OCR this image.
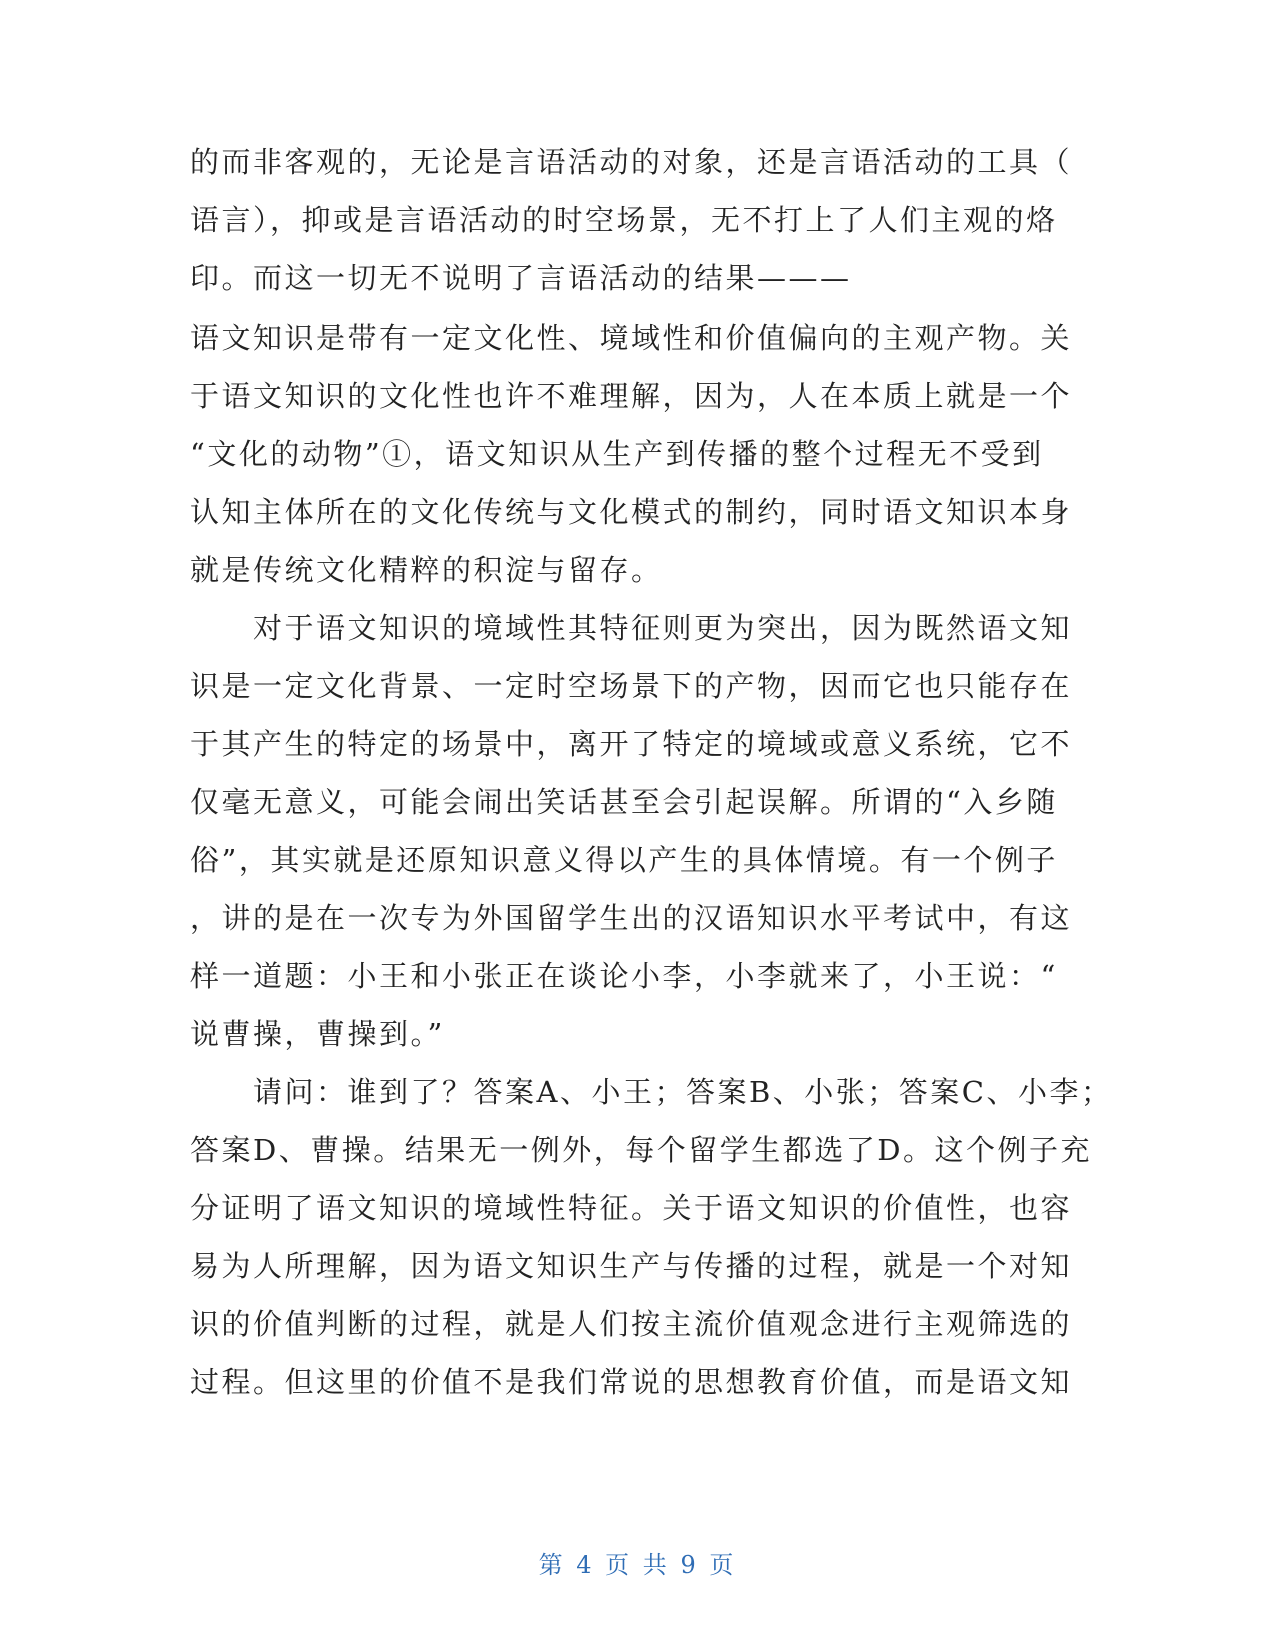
的而非客观的，无论是言语活动的对象，还是言语活动的工具（
语言），抑或是言语活动的时空场景，无不打上了人们主观的烙
印。而这一切无不说明了言语活动的结果———
语文知识是带有一定文化性、境域性和价值偏向的主观产物。关
于语文知识的文化性也许不难理解，因为，人在本质上就是一个
“文化的动物”①，语文知识从生产到传播的整个过程无不受到
认知主体所在的文化传统与文化模式的制约，同时语文知识本身
就是传统文化精粹的积淀与留存。
　　对于语文知识的境域性其特征则更为突出，因为既然语文知
识是一定文化背景、一定时空场景下的产物，因而它也只能存在
于其产生的特定的场景中，离开了特定的境域或意义系统，它不
仅毫无意义，可能会闹出笑话甚至会引起误解。所谓的“入乡随
俗”，其实就是还原知识意义得以产生的具体情境。有一个例子
，讲的是在一次专为外国留学生出的汉语知识水平考试中，有这
样一道题：小王和小张正在谈论小李，小李就来了，小王说：“
说曹操，曹操到。”
　　请问：谁到了？答案A、小王；答案B、小张；答案C、小李；
答案D、曹操。结果无一例外，每个留学生都选了D。这个例子充
分证明了语文知识的境域性特征。关于语文知识的价值性，也容
易为人所理解，因为语文知识生产与传播的过程，就是一个对知
识的价值判断的过程，就是人们按主流价值观念进行主观筛选的
过程。但这里的价值不是我们常说的思想教育价值，而是语文知
第 4 页 共 9 页
